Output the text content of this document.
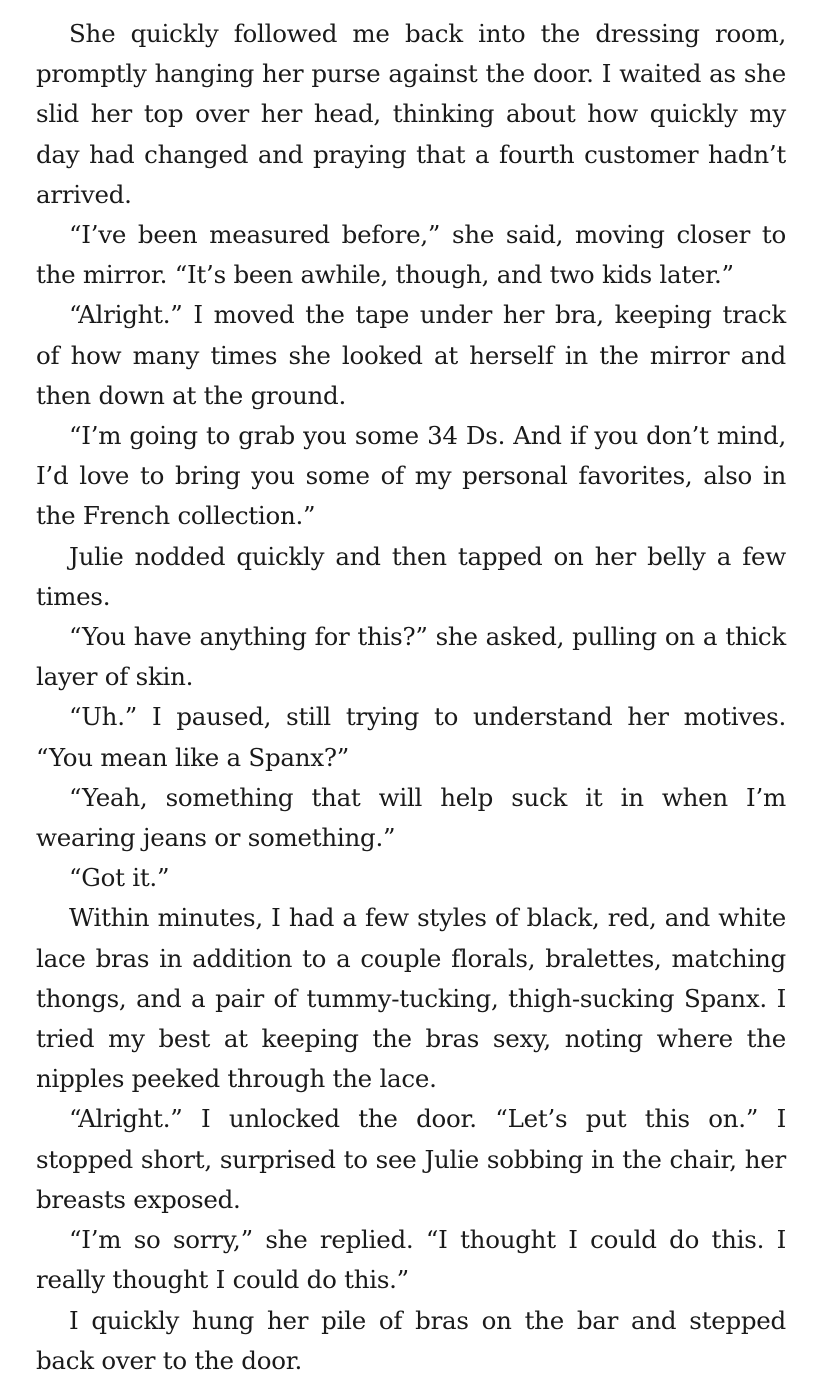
She quickly followed me back into the dressing room, promptly hanging her purse against the door. I waited as she slid her top over her head, thinking about how quickly my day had changed and praying that a fourth customer hadn’t arrived.

“I’ve been measured before,” she said, moving closer to the mirror. “It’s been awhile, though, and two kids later.”

“Alright.” I moved the tape under her bra, keeping track of how many times she looked at herself in the mirror and then down at the ground.

“I’m going to grab you some 34 Ds. And if you don’t mind, I’d love to bring you some of my personal favorites, also in the French collection.”

Julie nodded quickly and then tapped on her belly a few times.

“You have anything for this?” she asked, pulling on a thick layer of skin.

“Uh.” I paused, still trying to understand her motives. “You mean like a Spanx?”

“Yeah, something that will help suck it in when I’m wearing jeans or something.”

“Got it.”

Within minutes, I had a few styles of black, red, and white lace bras in addition to a couple florals, bralettes, matching thongs, and a pair of tummy-tucking, thigh-sucking Spanx. I tried my best at keeping the bras sexy, noting where the nipples peeked through the lace.

“Alright.” I unlocked the door. “Let’s put this on.” I stopped short, surprised to see Julie sobbing in the chair, her breasts exposed.

“I’m so sorry,” she replied. “I thought I could do this. I really thought I could do this.”

I quickly hung her pile of bras on the bar and stepped back over to the door.
